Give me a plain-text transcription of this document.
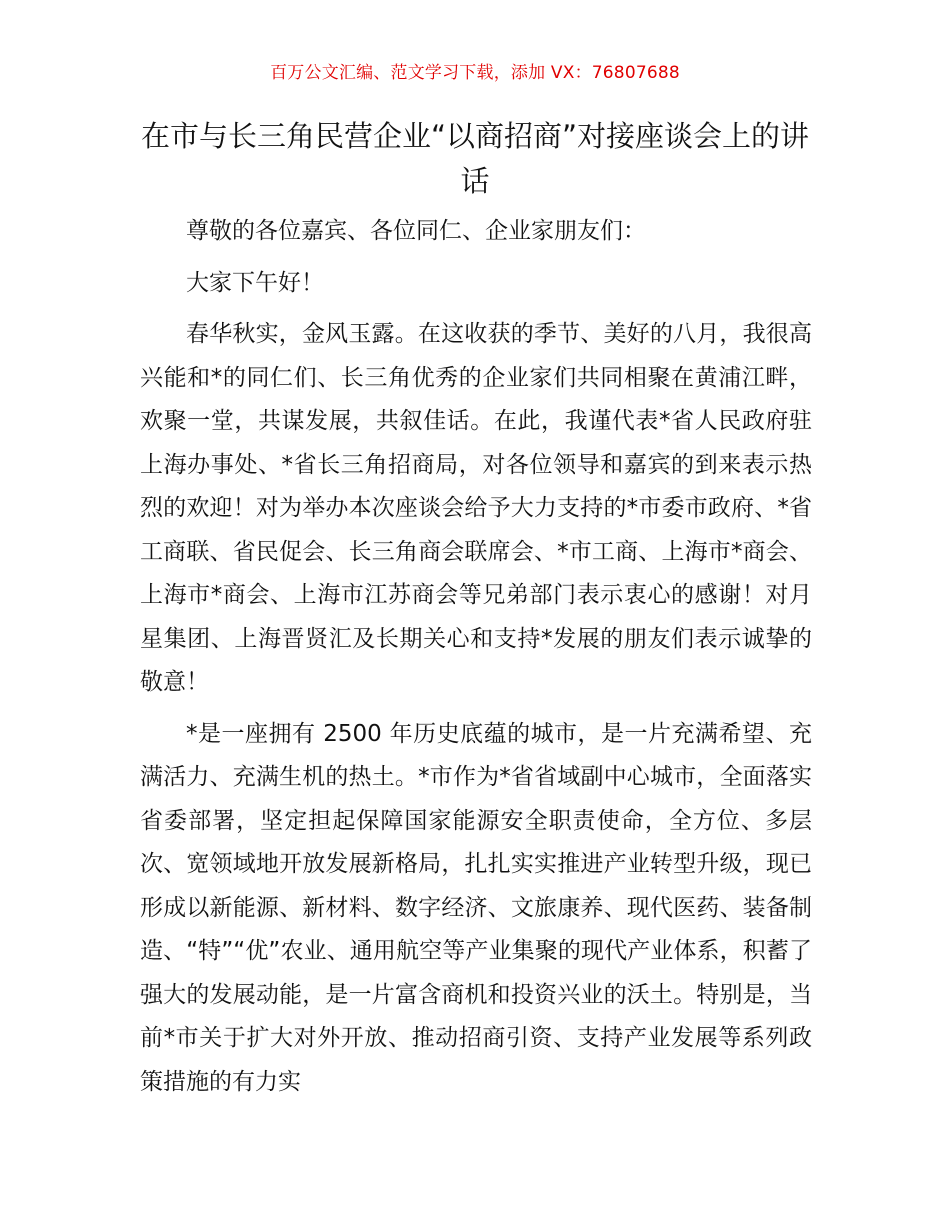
百万公文汇编、范文学习下载，添加 VX：76807688
在市与长三角民营企业“以商招商”对接座谈会上的讲话

尊敬的各位嘉宾、各位同仁、企业家朋友们：

大家下午好！

春华秋实，金风玉露。在这收获的季节、美好的八月，我很高兴能和*的同仁们、长三角优秀的企业家们共同相聚在黄浦江畔，欢聚一堂，共谋发展，共叙佳话。在此，我谨代表*省人民政府驻上海办事处、*省长三角招商局，对各位领导和嘉宾的到来表示热烈的欢迎！对为举办本次座谈会给予大力支持的*市委市政府、*省工商联、省民促会、长三角商会联席会、*市工商、上海市*商会、上海市*商会、上海市江苏商会等兄弟部门表示衷心的感谢！对月星集团、上海晋贤汇及长期关心和支持*发展的朋友们表示诚挚的敬意！

*是一座拥有 2500 年历史底蕴的城市，是一片充满希望、充满活力、充满生机的热土。*市作为*省省域副中心城市，全面落实省委部署，坚定担起保障国家能源安全职责使命，全方位、多层次、宽领域地开放发展新格局，扎扎实实推进产业转型升级，现已形成以新能源、新材料、数字经济、文旅康养、现代医药、装备制造、“特”“优”农业、通用航空等产业集聚的现代产业体系，积蓄了强大的发展动能，是一片富含商机和投资兴业的沃土。特别是，当前*市关于扩大对外开放、推动招商引资、支持产业发展等系列政策措施的有力实
